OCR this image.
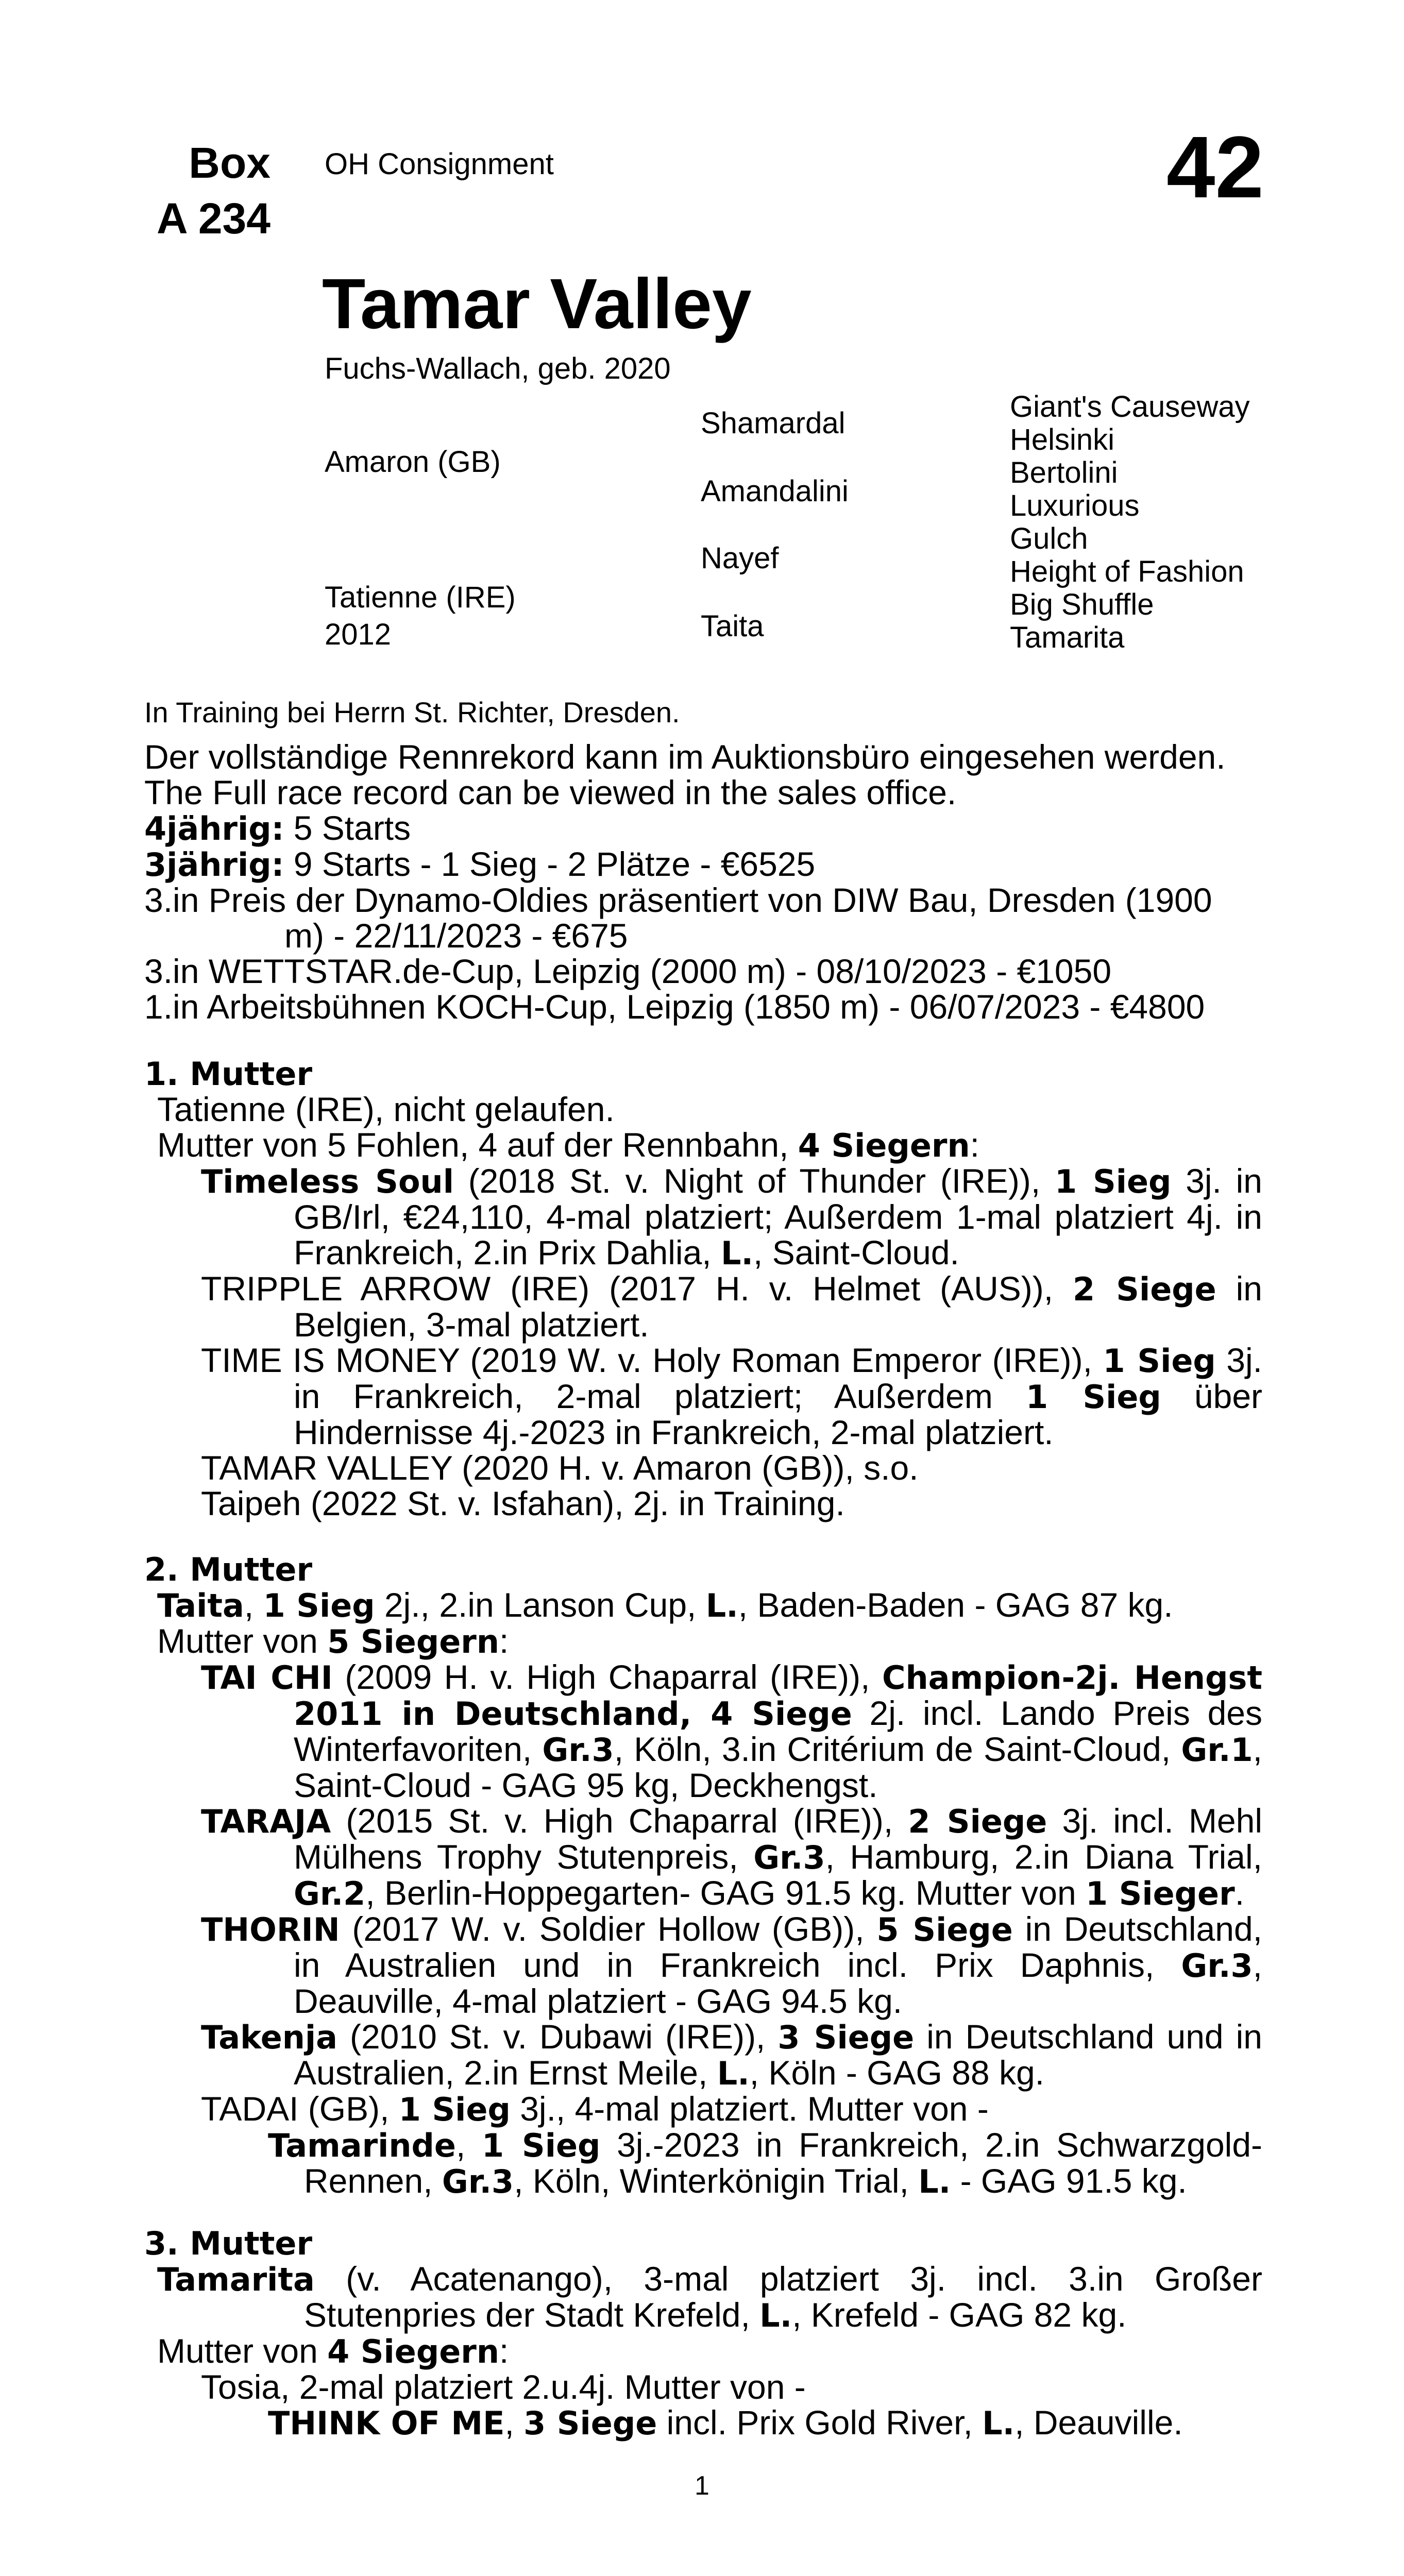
Box
A 234
OH Consignment	42
Tamar Valley
Fuchs-Wallach, geb. 2020
Amaron (GB)
Tatienne (IRE)
2012
Shamardal
Amandalini
Nayef
Taita
Giant's Causeway
Helsinki
Bertolini
Luxurious
Gulch
Height of Fashion
Big Shuffle
Tamarita
In Training bei Herrn St. Richter, Dresden.
Der vollständige Rennrekord kann im Auktionsbüro eingesehen werden.
The Full race record can be viewed in the sales office.
4jährig: 5 Starts
3jährig: 9 Starts - 1 Sieg - 2 Plätze - €6525
3.in Preis der Dynamo-Oldies präsentiert von DIW Bau, Dresden (1900
m) - 22/11/2023 - €675
3.in WETTSTAR.de-Cup, Leipzig (2000 m) - 08/10/2023 - €1050
1.in Arbeitsbühnen KOCH-Cup, Leipzig (1850 m) - 06/07/2023 - €4800
1. Mutter
Tatienne (IRE), nicht gelaufen.
Mutter von 5 Fohlen, 4 auf der Rennbahn, 4 Siegern:
Timeless Soul (2018 St. v. Night of Thunder (IRE)), 1 Sieg 3j. in GB/Irl, €24,110, 4-mal platziert; Außerdem 1-mal platziert 4j. in Frankreich, 2.in Prix Dahlia, L., Saint-Cloud.
TRIPPLE ARROW (IRE) (2017 H. v. Helmet (AUS)), 2 Siege in Belgien, 3-mal platziert.
TIME IS MONEY (2019 W. v. Holy Roman Emperor (IRE)), 1 Sieg 3j. in Frankreich, 2-mal platziert; Außerdem 1 Sieg über Hindernisse 4j.-2023 in Frankreich, 2-mal platziert.
TAMAR VALLEY (2020 H. v. Amaron (GB)), s.o.
Taipeh (2022 St. v. Isfahan), 2j. in Training.
2. Mutter
Taita, 1 Sieg 2j., 2.in Lanson Cup, L., Baden-Baden - GAG 87 kg.
Mutter von 5 Siegern:
TAI CHI (2009 H. v. High Chaparral (IRE)), Champion-2j. Hengst 2011 in Deutschland, 4 Siege 2j. incl. Lando Preis des Winterfavoriten, Gr.3, Köln, 3.in Critérium de Saint-Cloud, Gr.1, Saint-Cloud - GAG 95 kg, Deckhengst.
TARAJA (2015 St. v. High Chaparral (IRE)), 2 Siege 3j. incl. Mehl Mülhens Trophy Stutenpreis, Gr.3, Hamburg, 2.in Diana Trial, Gr.2, Berlin-Hoppegarten- GAG 91.5 kg. Mutter von 1 Sieger.
THORIN (2017 W. v. Soldier Hollow (GB)), 5 Siege in Deutschland, in Australien und in Frankreich incl. Prix Daphnis, Gr.3, Deauville, 4-mal platziert - GAG 94.5 kg.
Takenja (2010 St. v. Dubawi (IRE)), 3 Siege in Deutschland und in Australien, 2.in Ernst Meile, L., Köln - GAG 88 kg.
TADAI (GB), 1 Sieg 3j., 4-mal platziert. Mutter von -
Tamarinde, 1 Sieg 3j.-2023 in Frankreich, 2.in Schwarzgold-Rennen, Gr.3, Köln, Winterkönigin Trial, L. - GAG 91.5 kg.
3. Mutter
Tamarita (v. Acatenango), 3-mal platziert 3j. incl. 3.in Großer Stutenpries der Stadt Krefeld, L., Krefeld - GAG 82 kg.
Mutter von 4 Siegern:
Tosia, 2-mal platziert 2.u.4j. Mutter von -
THINK OF ME, 3 Siege incl. Prix Gold River, L., Deauville.
1
